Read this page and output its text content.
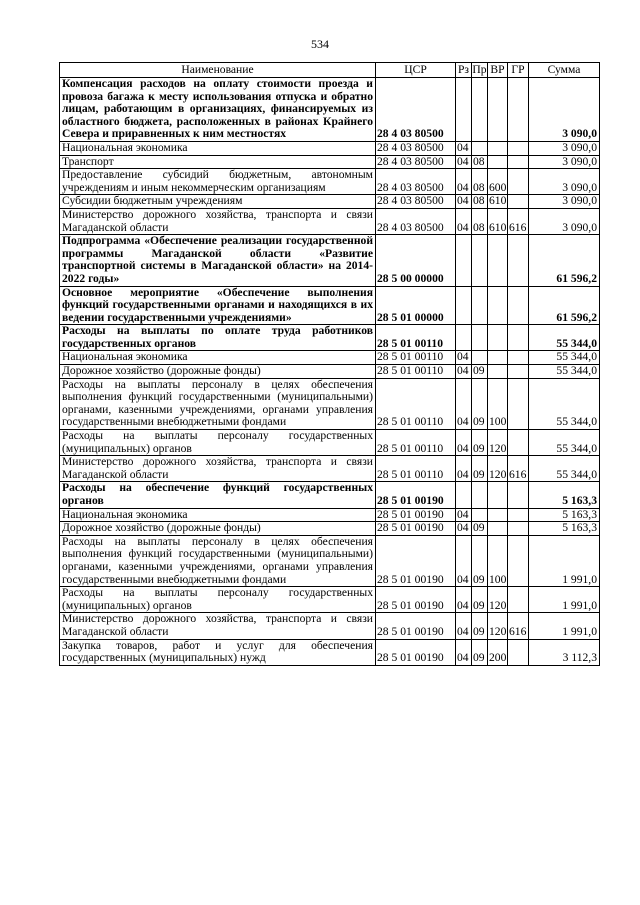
534
Наименование	ЦСР	Рз	Пр	ВР	ГР	Сумма
Компенсация расходов на оплату стоимости проезда и провоза багажа к месту использования отпуска и обратно лицам, работающим в организациях, финансируемых из областного бюджета, расположенных в районах Крайнего Севера и приравненных к ним местностях	28 4 03 80500					3 090,0
Национальная экономика	28 4 03 80500	04				3 090,0
Транспорт	28 4 03 80500	04	08			3 090,0
Предоставление субсидий бюджетным, автономным учреждениям и иным некоммерческим организациям	28 4 03 80500	04	08	600		3 090,0
Субсидии бюджетным учреждениям	28 4 03 80500	04	08	610		3 090,0
Министерство дорожного хозяйства, транспорта и связи Магаданской области	28 4 03 80500	04	08	610	616	3 090,0
Подпрограмма «Обеспечение реализации государственной программы Магаданской области «Развитие транспортной системы в Магаданской области» на 2014-2022 годы»	28 5 00 00000					61 596,2
Основное мероприятие «Обеспечение выполнения функций государственными органами и находящихся в их ведении государственными учреждениями»	28 5 01 00000					61 596,2
Расходы на выплаты по оплате труда работников государственных органов	28 5 01 00110					55 344,0
Национальная экономика	28 5 01 00110	04				55 344,0
Дорожное хозяйство (дорожные фонды)	28 5 01 00110	04	09			55 344,0
Расходы на выплаты персоналу в целях обеспечения выполнения функций государственными (муниципальными) органами, казенными учреждениями, органами управления государственными внебюджетными фондами	28 5 01 00110	04	09	100		55 344,0
Расходы на выплаты персоналу государственных (муниципальных) органов	28 5 01 00110	04	09	120		55 344,0
Министерство дорожного хозяйства, транспорта и связи Магаданской области	28 5 01 00110	04	09	120	616	55 344,0
Расходы на обеспечение функций государственных органов	28 5 01 00190					5 163,3
Национальная экономика	28 5 01 00190	04				5 163,3
Дорожное хозяйство (дорожные фонды)	28 5 01 00190	04	09			5 163,3
Расходы на выплаты персоналу в целях обеспечения выполнения функций государственными (муниципальными) органами, казенными учреждениями, органами управления государственными внебюджетными фондами	28 5 01 00190	04	09	100		1 991,0
Расходы на выплаты персоналу государственных (муниципальных) органов	28 5 01 00190	04	09	120		1 991,0
Министерство дорожного хозяйства, транспорта и связи Магаданской области	28 5 01 00190	04	09	120	616	1 991,0
Закупка товаров, работ и услуг для обеспечения государственных (муниципальных) нужд	28 5 01 00190	04	09	200		3 112,3
